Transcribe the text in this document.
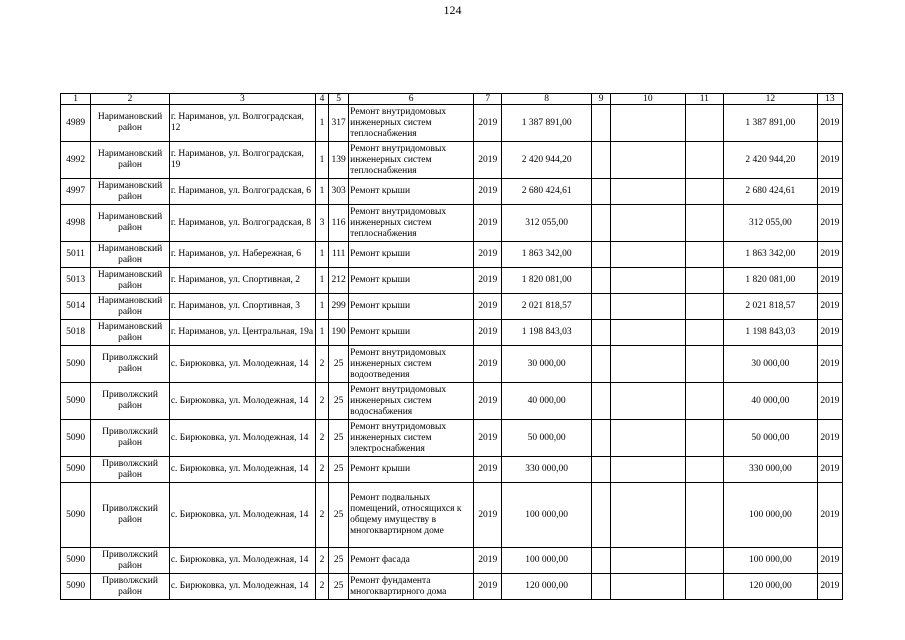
124
1	2	3	4	5	6	7	8	9	10	11	12	13
4989	Наримановский район	г. Нариманов, ул. Волгоградская, 12	1	317	Ремонт внутридомовых инженерных систем теплоснабжения	2019	1 387 891,00				1 387 891,00	2019
4992	Наримановский район	г. Нариманов, ул. Волгоградская, 19	1	139	Ремонт внутридомовых инженерных систем теплоснабжения	2019	2 420 944,20				2 420 944,20	2019
4997	Наримановский район	г. Нариманов, ул. Волгоградская, 6	1	303	Ремонт крыши	2019	2 680 424,61				2 680 424,61	2019
4998	Наримановский район	г. Нариманов, ул. Волгоградская, 8	3	116	Ремонт внутридомовых инженерных систем теплоснабжения	2019	312 055,00				312 055,00	2019
5011	Наримановский район	г. Нариманов, ул. Набережная, 6	1	111	Ремонт крыши	2019	1 863 342,00				1 863 342,00	2019
5013	Наримановский район	г. Нариманов, ул. Спортивная, 2	1	212	Ремонт крыши	2019	1 820 081,00				1 820 081,00	2019
5014	Наримановский район	г. Нариманов, ул. Спортивная, 3	1	299	Ремонт крыши	2019	2 021 818,57				2 021 818,57	2019
5018	Наримановский район	г. Нариманов, ул. Центральная, 19а	1	190	Ремонт крыши	2019	1 198 843,03				1 198 843,03	2019
5090	Приволжский район	с. Бирюковка, ул. Молодежная, 14	2	25	Ремонт внутридомовых инженерных систем водоотведения	2019	30 000,00				30 000,00	2019
5090	Приволжский район	с. Бирюковка, ул. Молодежная, 14	2	25	Ремонт внутридомовых инженерных систем водоснабжения	2019	40 000,00				40 000,00	2019
5090	Приволжский район	с. Бирюковка, ул. Молодежная, 14	2	25	Ремонт внутридомовых инженерных систем электроснабжения	2019	50 000,00				50 000,00	2019
5090	Приволжский район	с. Бирюковка, ул. Молодежная, 14	2	25	Ремонт крыши	2019	330 000,00				330 000,00	2019
5090	Приволжский район	с. Бирюковка, ул. Молодежная, 14	2	25	Ремонт подвальных помещений, относящихся к общему имуществу в многоквартирном доме	2019	100 000,00				100 000,00	2019
5090	Приволжский район	с. Бирюковка, ул. Молодежная, 14	2	25	Ремонт фасада	2019	100 000,00				100 000,00	2019
5090	Приволжский район	с. Бирюковка, ул. Молодежная, 14	2	25	Ремонт фундамента многоквартирного дома	2019	120 000,00				120 000,00	2019
